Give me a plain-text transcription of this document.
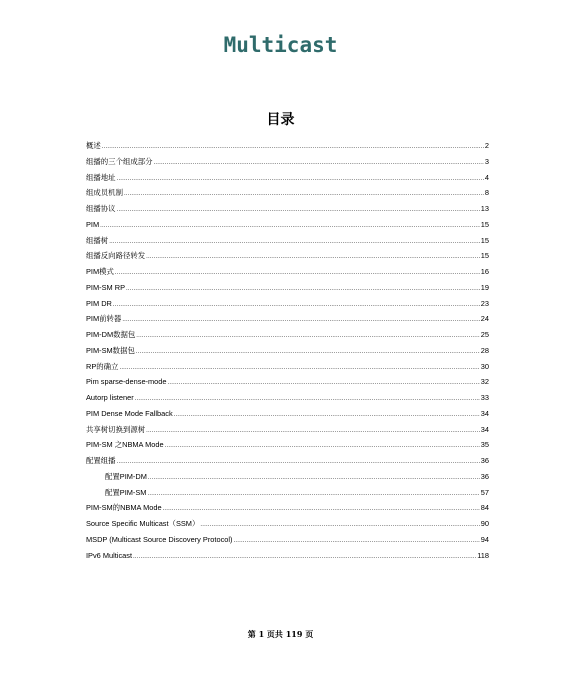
Multicast
目录
概述 .....	2
组播的三个组成部分 .....	3
组播地址 .....	4
组成员机制 .....	8
组播协议 .....	13
PIM .....	15
组播树 .....	15
组播反向路径转发 .....	15
PIM模式 .....	16
PIM-SM RP .....	19
PIM DR .....	23
PIM前转器 .....	24
PIM-DM数据包 .....	25
PIM-SM数据包 .....	28
RP的确立 .....	30
Pim sparse-dense-mode .....	32
Autorp listener .....	33
PIM Dense Mode Fallback .....	34
共享树切换到源树 .....	34
PIM-SM 之NBMA Mode .....	35
配置组播 .....	36
配置PIM-DM .....	36
配置PIM-SM .....	57
PIM-SM的NBMA Mode .....	84
Source Specific Multicast（SSM） .....	90
MSDP (Multicast Source Discovery Protocol) .....	94
IPv6 Multicast .....	118
第 1 页共 119 页
